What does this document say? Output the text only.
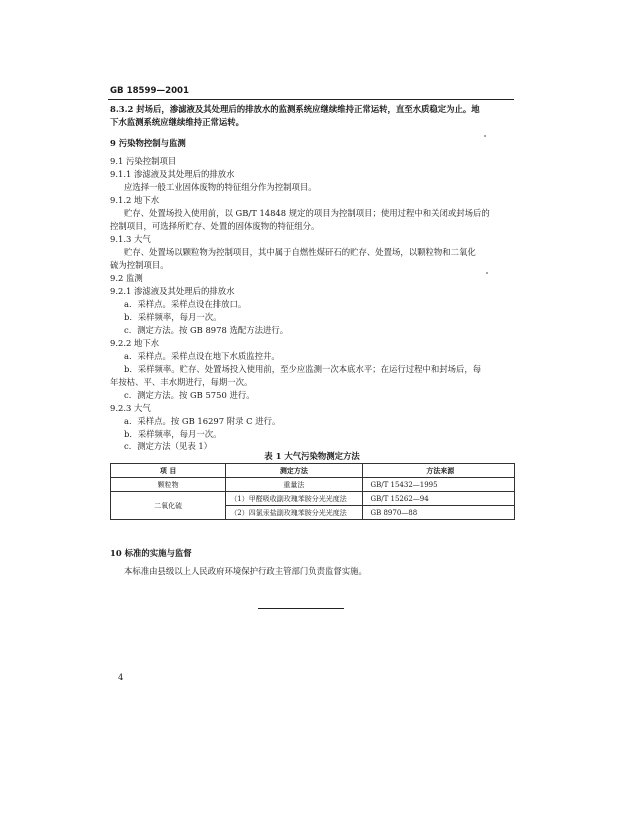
GB 18599—2001
8.3.2 封场后，渗滤液及其处理后的排放水的监测系统应继续维持正常运转，直至水质稳定为止。地
下水监测系统应继续维持正常运转。
9 污染物控制与监测
9.1 污染控制项目
9.1.1 渗滤液及其处理后的排放水
应选择一般工业固体废物的特征组分作为控制项目。
9.1.2 地下水
贮存、处置场投入使用前，以 GB/T 14848 规定的项目为控制项目；使用过程中和关闭或封场后的
控制项目，可选择所贮存、处置的固体废物的特征组分。
9.1.3 大气
贮存、处置场以颗粒物为控制项目，其中属于自燃性煤矸石的贮存、处置场，以颗粒物和二氧化
硫为控制项目。
9.2 监测
9.2.1 渗滤液及其处理后的排放水
a．采样点。采样点设在排放口。
b．采样频率，每月一次。
c．测定方法。按 GB 8978 选配方法进行。
9.2.2 地下水
a．采样点。采样点设在地下水质监控井。
b．采样频率。贮存、处置场投入使用前，至少应监测一次本底水平；在运行过程中和封场后，每
年按枯、平、丰水期进行，每期一次。
c．测定方法。按 GB 5750 进行。
9.2.3 大气
a．采样点。按 GB 16297 附录 C 进行。
b．采样频率，每月一次。
c．测定方法（见表 1）
10 标准的实施与监督
本标准由县级以上人民政府环境保护行政主管部门负责监督实施。
表 1 大气污染物测定方法
项 目	测定方法	方法来源
颗粒物	重量法	GB/T 15432—1995
二氧化硫	（1）甲醛吸收副玫瑰苯胺分光光度法	GB/T 15262—94
	（2）四氯汞盐副玫瑰苯胺分光光度法	GB 8970—88
4
